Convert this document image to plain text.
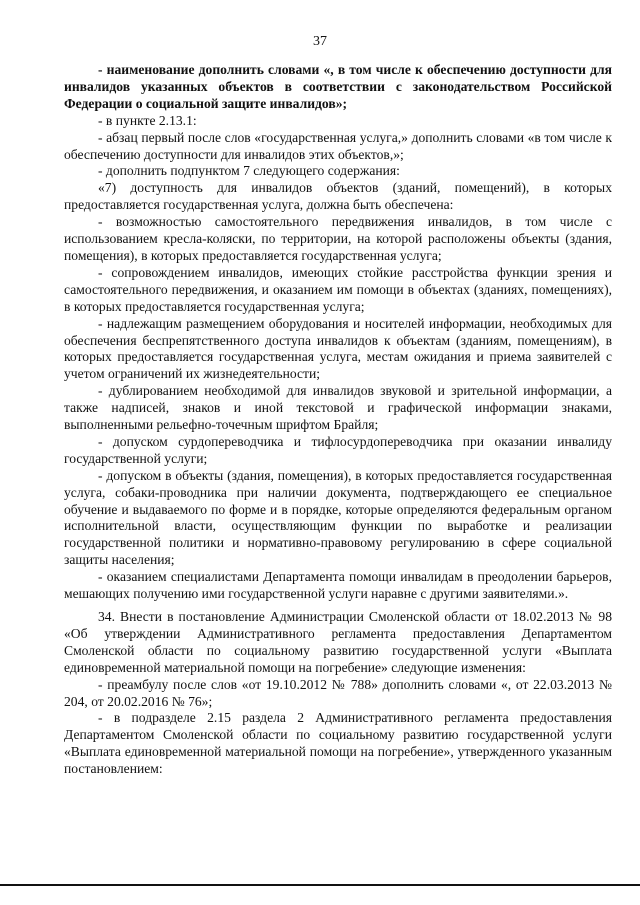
37

- наименование дополнить словами «, в том числе к обеспечению доступности для инвалидов указанных объектов в соответствии с законодательством Российской Федерации о социальной защите инвалидов»;

- в пункте 2.13.1:

- абзац первый после слов «государственная услуга,» дополнить словами «в том числе к обеспечению доступности для инвалидов этих объектов,»;

- дополнить подпунктом 7 следующего содержания:

«7) доступность для инвалидов объектов (зданий, помещений), в которых предоставляется государственная услуга, должна быть обеспечена:

- возможностью самостоятельного передвижения инвалидов, в том числе с использованием кресла-коляски, по территории, на которой расположены объекты (здания, помещения), в которых предоставляется государственная услуга;

- сопровождением инвалидов, имеющих стойкие расстройства функции зрения и самостоятельного передвижения, и оказанием им помощи в объектах (зданиях, помещениях), в которых предоставляется государственная услуга;

- надлежащим размещением оборудования и носителей информации, необходимых для обеспечения беспрепятственного доступа инвалидов к объектам (зданиям, помещениям), в которых предоставляется государственная услуга, местам ожидания и приема заявителей с учетом ограничений их жизнедеятельности;

- дублированием необходимой для инвалидов звуковой и зрительной информации, а также надписей, знаков и иной текстовой и графической информации знаками, выполненными рельефно-точечным шрифтом Брайля;

- допуском сурдопереводчика и тифлосурдопереводчика при оказании инвалиду государственной услуги;

- допуском в объекты (здания, помещения), в которых предоставляется государственная услуга, собаки-проводника при наличии документа, подтверждающего ее специальное обучение и выдаваемого по форме и в порядке, которые определяются федеральным органом исполнительной власти, осуществляющим функции по выработке и реализации государственной политики и нормативно-правовому регулированию в сфере социальной защиты населения;

- оказанием специалистами Департамента помощи инвалидам в преодолении барьеров, мешающих получению ими государственной услуги наравне с другими заявителями.».

34. Внести в постановление Администрации Смоленской области от 18.02.2013 № 98 «Об утверждении Административного регламента предоставления Департаментом Смоленской области по социальному развитию государственной услуги «Выплата единовременной материальной помощи на погребение» следующие изменения:

- преамбулу после слов «от 19.10.2012 № 788» дополнить словами «, от 22.03.2013 № 204, от 20.02.2016 № 76»;

- в подразделе 2.15 раздела 2 Административного регламента предоставления Департаментом Смоленской области по социальному развитию государственной услуги «Выплата единовременной материальной помощи на погребение», утвержденного указанным постановлением:
